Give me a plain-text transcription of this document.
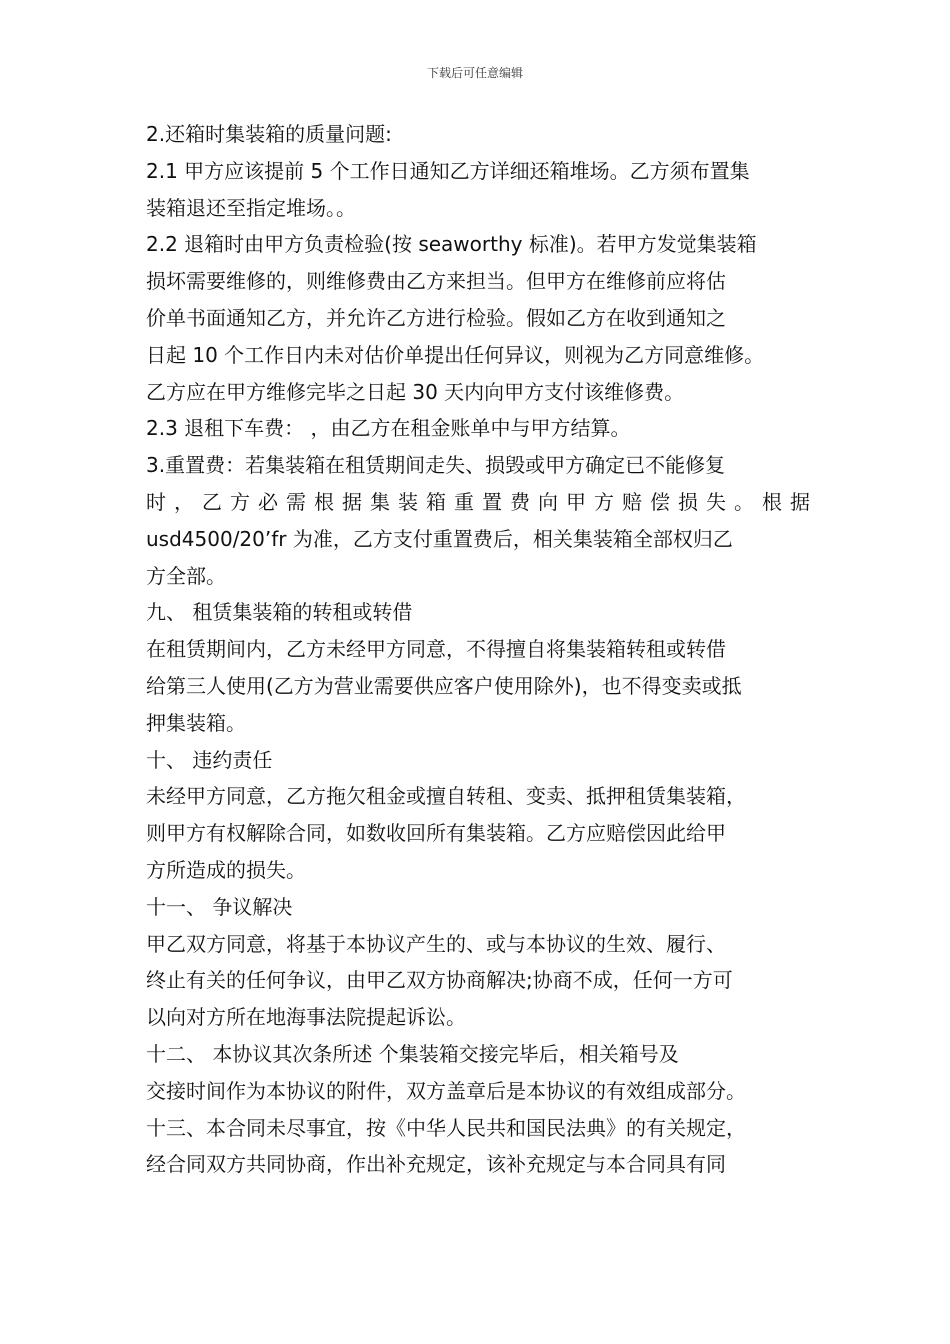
下载后可任意编辑
2.还箱时集装箱的质量问题:
2.1 甲方应该提前 5 个工作日通知乙方详细还箱堆场。乙方须布置集
装箱退还至指定堆场。。
2.2 退箱时由甲方负责检验(按 seaworthy 标准)。若甲方发觉集装箱
损坏需要维修的，则维修费由乙方来担当。但甲方在维修前应将估
价单书面通知乙方，并允许乙方进行检验。假如乙方在收到通知之
日起 10 个工作日内未对估价单提出任何异议，则视为乙方同意维修。
乙方应在甲方维修完毕之日起 30 天内向甲方支付该维修费。
2.3 退租下车费： ，由乙方在租金账单中与甲方结算。
3.重置费：若集装箱在租赁期间走失、损毁或甲方确定已不能修复
时 ， 乙 方 必 需 根 据 集 装 箱 重 置 费 向 甲 方 赔 偿 损 失 。 根 据
usd4500/20’fr 为准，乙方支付重置费后，相关集装箱全部权归乙
方全部。
九、 租赁集装箱的转租或转借
在租赁期间内，乙方未经甲方同意，不得擅自将集装箱转租或转借
给第三人使用(乙方为营业需要供应客户使用除外)，也不得变卖或抵
押集装箱。
十、 违约责任
未经甲方同意，乙方拖欠租金或擅自转租、变卖、抵押租赁集装箱，
则甲方有权解除合同，如数收回所有集装箱。乙方应赔偿因此给甲
方所造成的损失。
十一、 争议解决
甲乙双方同意，将基于本协议产生的、或与本协议的生效、履行、
终止有关的任何争议，由甲乙双方协商解决;协商不成，任何一方可
以向对方所在地海事法院提起诉讼。
十二、 本协议其次条所述 个集装箱交接完毕后，相关箱号及
交接时间作为本协议的附件，双方盖章后是本协议的有效组成部分。
十三、本合同未尽事宜，按《中华人民共和国民法典》的有关规定，
经合同双方共同协商，作出补充规定，该补充规定与本合同具有同
